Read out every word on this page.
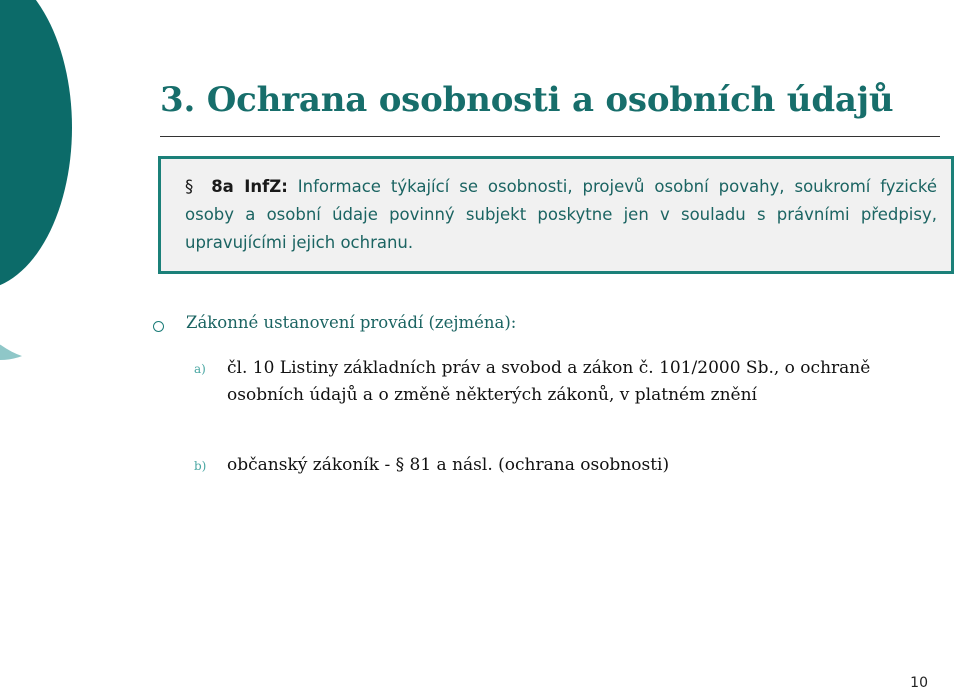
3. Ochrana osobnosti a osobních údajů
§ 8a InfZ: Informace týkající se osobnosti, projevů osobní povahy, soukromí fyzické osoby a osobní údaje povinný subjekt poskytne jen v souladu s právními předpisy, upravujícími jejich ochranu.
Zákonné ustanovení provádí (zejména):
a) čl. 10 Listiny základních práv a svobod a zákon č. 101/2000 Sb., o ochraně osobních údajů a o změně některých zákonů, v platném znění
b) občanský zákoník - § 81 a násl. (ochrana osobnosti)
10
